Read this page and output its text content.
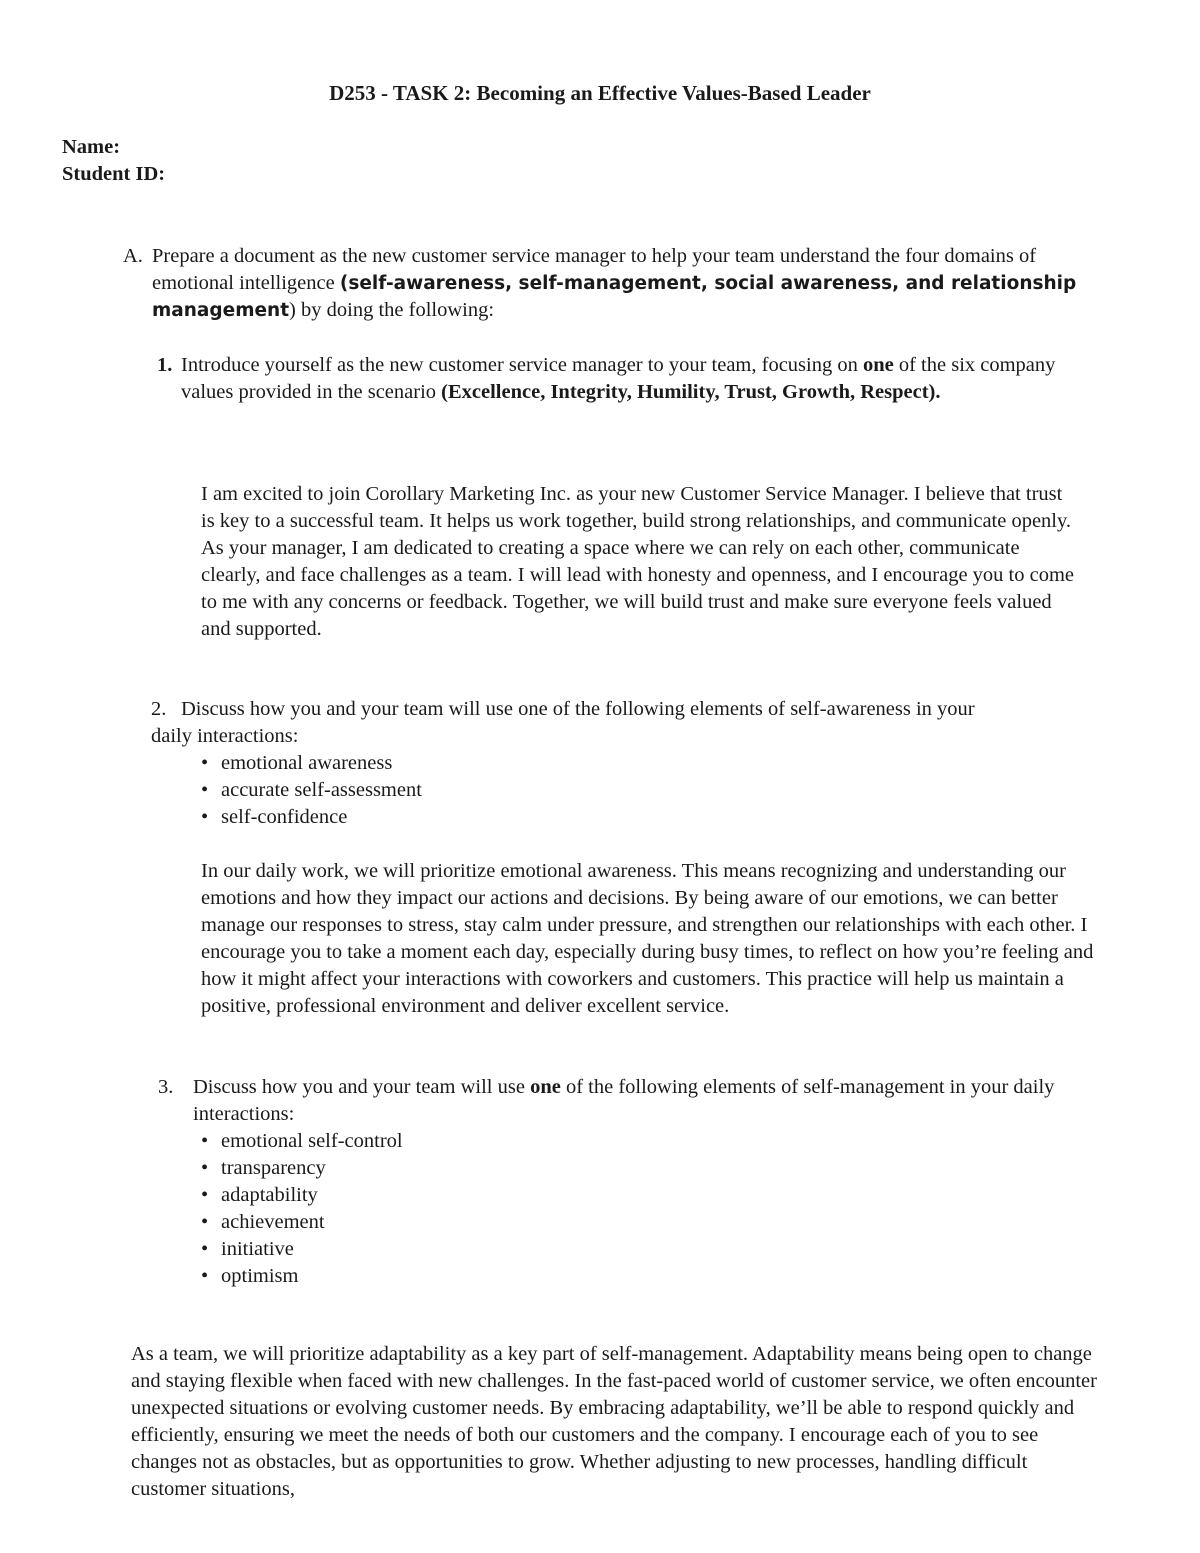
D253 - TASK 2: Becoming an Effective Values-Based Leader
Name:
Student ID:
A. Prepare a document as the new customer service manager to help your team understand the four domains of emotional intelligence (self-awareness, self-management, social awareness, and relationship management) by doing the following:
1. Introduce yourself as the new customer service manager to your team, focusing on one of the six company values provided in the scenario (Excellence, Integrity, Humility, Trust, Growth, Respect).

I am excited to join Corollary Marketing Inc. as your new Customer Service Manager. I believe that trust is key to a successful team. It helps us work together, build strong relationships, and communicate openly. As your manager, I am dedicated to creating a space where we can rely on each other, communicate clearly, and face challenges as a team. I will lead with honesty and openness, and I encourage you to come to me with any concerns or feedback. Together, we will build trust and make sure everyone feels valued and supported.

2. Discuss how you and your team will use one of the following elements of self-awareness in your
daily interactions:
• emotional awareness
• accurate self-assessment
• self-confidence

In our daily work, we will prioritize emotional awareness. This means recognizing and understanding our emotions and how they impact our actions and decisions. By being aware of our emotions, we can better manage our responses to stress, stay calm under pressure, and strengthen our relationships with each other. I encourage you to take a moment each day, especially during busy times, to reflect on how you’re feeling and how it might affect your interactions with coworkers and customers. This practice will help us maintain a positive, professional environment and deliver excellent service.

3. Discuss how you and your team will use one of the following elements of self-management in your daily interactions:
• emotional self-control
• transparency
• adaptability
• achievement
• initiative
• optimism

As a team, we will prioritize adaptability as a key part of self-management. Adaptability means being open to change and staying flexible when faced with new challenges. In the fast-paced world of customer service, we often encounter unexpected situations or evolving customer needs. By embracing adaptability, we’ll be able to respond quickly and efficiently, ensuring we meet the needs of both our customers and the company. I encourage each of you to see changes not as obstacles, but as opportunities to grow. Whether adjusting to new processes, handling difficult customer situations,
